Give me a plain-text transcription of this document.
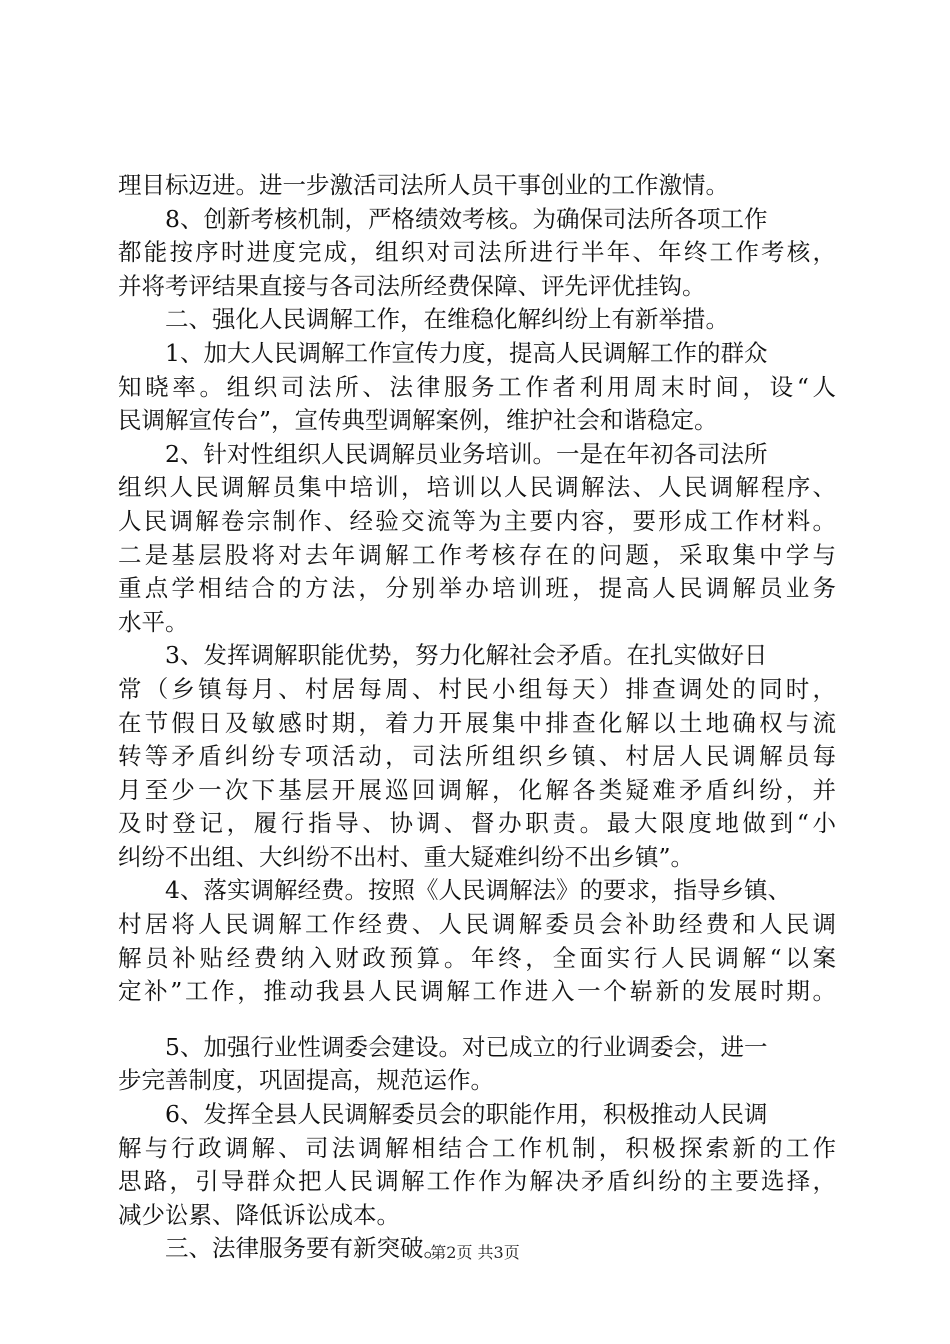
理目标迈进。进一步激活司法所人员干事创业的工作激情。
8、创新考核机制，严格绩效考核。为确保司法所各项工作
都能按序时进度完成，组织对司法所进行半年、年终工作考核，
并将考评结果直接与各司法所经费保障、评先评优挂钩。
二、强化人民调解工作，在维稳化解纠纷上有新举措。
1、加大人民调解工作宣传力度，提高人民调解工作的群众
知晓率。组织司法所、法律服务工作者利用周末时间，设“人
民调解宣传台”，宣传典型调解案例，维护社会和谐稳定。
2、针对性组织人民调解员业务培训。一是在年初各司法所
组织人民调解员集中培训，培训以人民调解法、人民调解程序、
人民调解卷宗制作、经验交流等为主要内容，要形成工作材料。
二是基层股将对去年调解工作考核存在的问题，采取集中学与
重点学相结合的方法，分别举办培训班，提高人民调解员业务
水平。
3、发挥调解职能优势，努力化解社会矛盾。在扎实做好日
常（乡镇每月、村居每周、村民小组每天）排查调处的同时，
在节假日及敏感时期，着力开展集中排查化解以土地确权与流
转等矛盾纠纷专项活动，司法所组织乡镇、村居人民调解员每
月至少一次下基层开展巡回调解，化解各类疑难矛盾纠纷，并
及时登记，履行指导、协调、督办职责。最大限度地做到“小
纠纷不出组、大纠纷不出村、重大疑难纠纷不出乡镇”。
4、落实调解经费。按照《人民调解法》的要求，指导乡镇、
村居将人民调解工作经费、人民调解委员会补助经费和人民调
解员补贴经费纳入财政预算。年终，全面实行人民调解“以案
定补”工作，推动我县人民调解工作进入一个崭新的发展时期。
5、加强行业性调委会建设。对已成立的行业调委会，进一
步完善制度，巩固提高，规范运作。
6、发挥全县人民调解委员会的职能作用，积极推动人民调
解与行政调解、司法调解相结合工作机制，积极探索新的工作
思路，引导群众把人民调解工作作为解决矛盾纠纷的主要选择，
减少讼累、降低诉讼成本。
三、法律服务要有新突破。
第2页 共3页
